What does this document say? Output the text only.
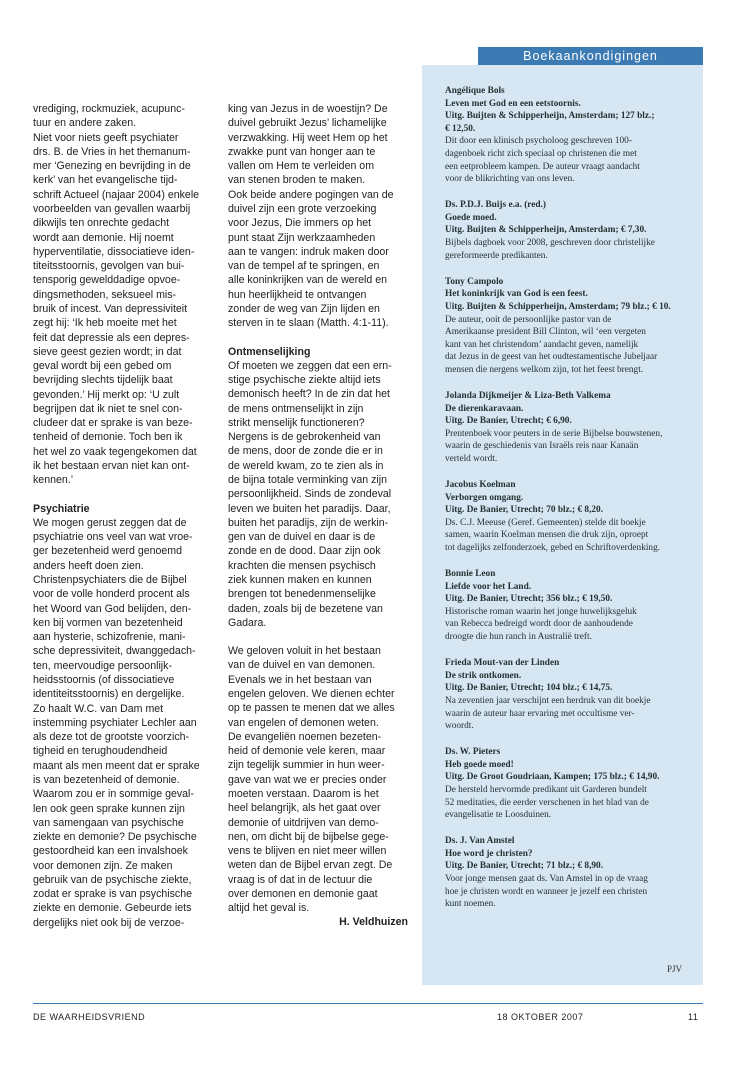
vrediging, rockmuziek, acupunc-
tuur en andere zaken.
Niet voor niets geeft psychiater
drs. B. de Vries in het themanum-
mer ‘Genezing en bevrijding in de
kerk’ van het evangelische tijd-
schrift Actueel (najaar 2004) enkele
voorbeelden van gevallen waarbij
dikwijls ten onrechte gedacht
wordt aan demonie. Hij noemt
hyperventilatie, dissociatieve iden-
titeitsstoornis, gevolgen van bui-
tensporig gewelddadige opvoe-
dingsmethoden, seksueel mis-
bruik of incest. Van depressiviteit
zegt hij: ‘Ik heb moeite met het
feit dat depressie als een depres-
sieve geest gezien wordt; in dat
geval wordt bij een gebed om
bevrijding slechts tijdelijk baat
gevonden.’ Hij merkt op: ‘U zult
begrijpen dat ik niet te snel con-
cludeer dat er sprake is van beze-
tenheid of demonie. Toch ben ik
het wel zo vaak tegengekomen dat
ik het bestaan ervan niet kan ont-
kennen.’

Psychiatrie

We mogen gerust zeggen dat de
psychiatrie ons veel van wat vroe-
ger bezetenheid werd genoemd
anders heeft doen zien.
Christenpsychiaters die de Bijbel
voor de volle honderd procent als
het Woord van God belijden, den-
ken bij vormen van bezetenheid
aan hysterie, schizofrenie, mani-
sche depressiviteit, dwanggedach-
ten, meervoudige persoonlijk-
heidsstoornis (of dissociatieve
identiteitsstoornis) en dergelijke.
Zo haalt W.C. van Dam met
instemming psychiater Lechler aan
als deze tot de grootste voorzich-
tigheid en terughoudendheid
maant als men meent dat er sprake
is van bezetenheid of demonie.
Waarom zou er in sommige geval-
len ook geen sprake kunnen zijn
van samengaan van psychische
ziekte en demonie? De psychische
gestoordheid kan een invalshoek
voor demonen zijn. Ze maken
gebruik van de psychische ziekte,
zodat er sprake is van psychische
ziekte en demonie. Gebeurde iets
dergelijks niet ook bij de verzoe-

king van Jezus in de woestijn? De
duivel gebruikt Jezus’ lichamelijke
verzwakking. Hij weet Hem op het
zwakke punt van honger aan te
vallen om Hem te verleiden om
van stenen broden te maken.
Ook beide andere pogingen van de
duivel zijn een grote verzoeking
voor Jezus, Die immers op het
punt staat Zijn werkzaamheden
aan te vangen: indruk maken door
van de tempel af te springen, en
alle koninkrijken van de wereld en
hun heerlijkheid te ontvangen
zonder de weg van Zijn lijden en
sterven in te slaan (Matth. 4:1-11).

Ontmenselijking

Of moeten we zeggen dat een ern-
stige psychische ziekte altijd iets
demonisch heeft? In de zin dat het
de mens ontmenselijkt in zijn
strikt menselijk functioneren?
Nergens is de gebrokenheid van
de mens, door de zonde die er in
de wereld kwam, zo te zien als in
de bijna totale verminking van zijn
persoonlijkheid. Sinds de zondeval
leven we buiten het paradijs. Daar,
buiten het paradijs, zijn de werkin-
gen van de duivel en daar is de
zonde en de dood. Daar zijn ook
krachten die mensen psychisch
ziek kunnen maken en kunnen
brengen tot benedenmenselijke
daden, zoals bij de bezetene van
Gadara.

We geloven voluit in het bestaan
van de duivel en van demonen.
Evenals we in het bestaan van
engelen geloven. We dienen echter
op te passen te menen dat we alles
van engelen of demonen weten.
De evangeliën noemen bezeten-
heid of demonie vele keren, maar
zijn tegelijk summier in hun weer-
gave van wat we er precies onder
moeten verstaan. Daarom is het
heel belangrijk, als het gaat over
demonie of uitdrijven van demo-
nen, om dicht bij de bijbelse gege-
vens te blijven en niet meer willen
weten dan de Bijbel ervan zegt. De
vraag is of dat in de lectuur die
over demonen en demonie gaat
altijd het geval is.

H. Veldhuizen

Boekaankondigingen
Angélique Bols
Leven met God en een eetstoornis.
Uitg. Buijten & Schipperheijn, Amsterdam; 127 blz.;
€ 12,50.
Dit door een klinisch psycholoog geschreven 100-
dagenboek richt zich speciaal op christenen die met
een eetprobleem kampen. De auteur vraagt aandacht
voor de blikrichting van ons leven.
Ds. P.D.J. Buijs e.a. (red.)
Goede moed.
Uitg. Buijten & Schipperheijn, Amsterdam; € 7,30.
Bijbels dagboek voor 2008, geschreven door christelijke
gereformeerde predikanten.
Tony Campolo
Het koninkrijk van God is een feest.
Uitg. Buijten & Schipperheijn, Amsterdam; 79 blz.; € 10.
De auteur, ooit de persoonlijke pastor van de
Amerikaanse president Bill Clinton, wil ‘een vergeten
kant van het christendom’ aandacht geven, namelijk
dat Jezus in de geest van het oudtestamentische Jubeljaar
mensen die nergens welkom zijn, tot het feest brengt.
Jolanda Dijkmeijer & Liza-Beth Valkema
De dierenkaravaan.
Uitg. De Banier, Utrecht; € 6,90.
Prentenboek voor peuters in de serie Bijbelse bouwstenen,
waarin de geschiedenis van Israëls reis naar Kanaän
verteld wordt.
Jacobus Koelman
Verborgen omgang.
Uitg. De Banier, Utrecht; 70 blz.; € 8,20.
Ds. C.J. Meeuse (Geref. Gemeenten) stelde dit boekje
samen, waarin Koelman mensen die druk zijn, oproept
tot dagelijks zelfonderzoek, gebed en Schriftoverdenking.
Bonnie Leon
Liefde voor het Land.
Uitg. De Banier, Utrecht; 356 blz.; € 19,50.
Historische roman waarin het jonge huwelijksgeluk
van Rebecca bedreigd wordt door de aanhoudende
droogte die hun ranch in Australië treft.
Frieda Mout-van der Linden
De strik ontkomen.
Uitg. De Banier, Utrecht; 104 blz.; € 14,75.
Na zeventien jaar verschijnt een herdruk van dit boekje
waarin de auteur haar ervaring met occultisme ver-
woordt.
Ds. W. Pieters
Heb goede moed!
Uitg. De Groot Goudriaan, Kampen; 175 blz.; € 14,90.
De hersteld hervormde predikant uit Garderen bundelt
52 meditaties, die eerder verschenen in het blad van de
evangelisatie te Loosduinen.
Ds. J. Van Amstel
Hoe word je christen?
Uitg. De Banier, Utrecht; 71 blz.; € 8,90.
Voor jonge mensen gaat ds. Van Amstel in op de vraag
hoe je christen wordt en wanneer je jezelf een christen
kunt noemen.
PJV
DE WAARHEIDSVRIEND	18 OKTOBER 2007	11
